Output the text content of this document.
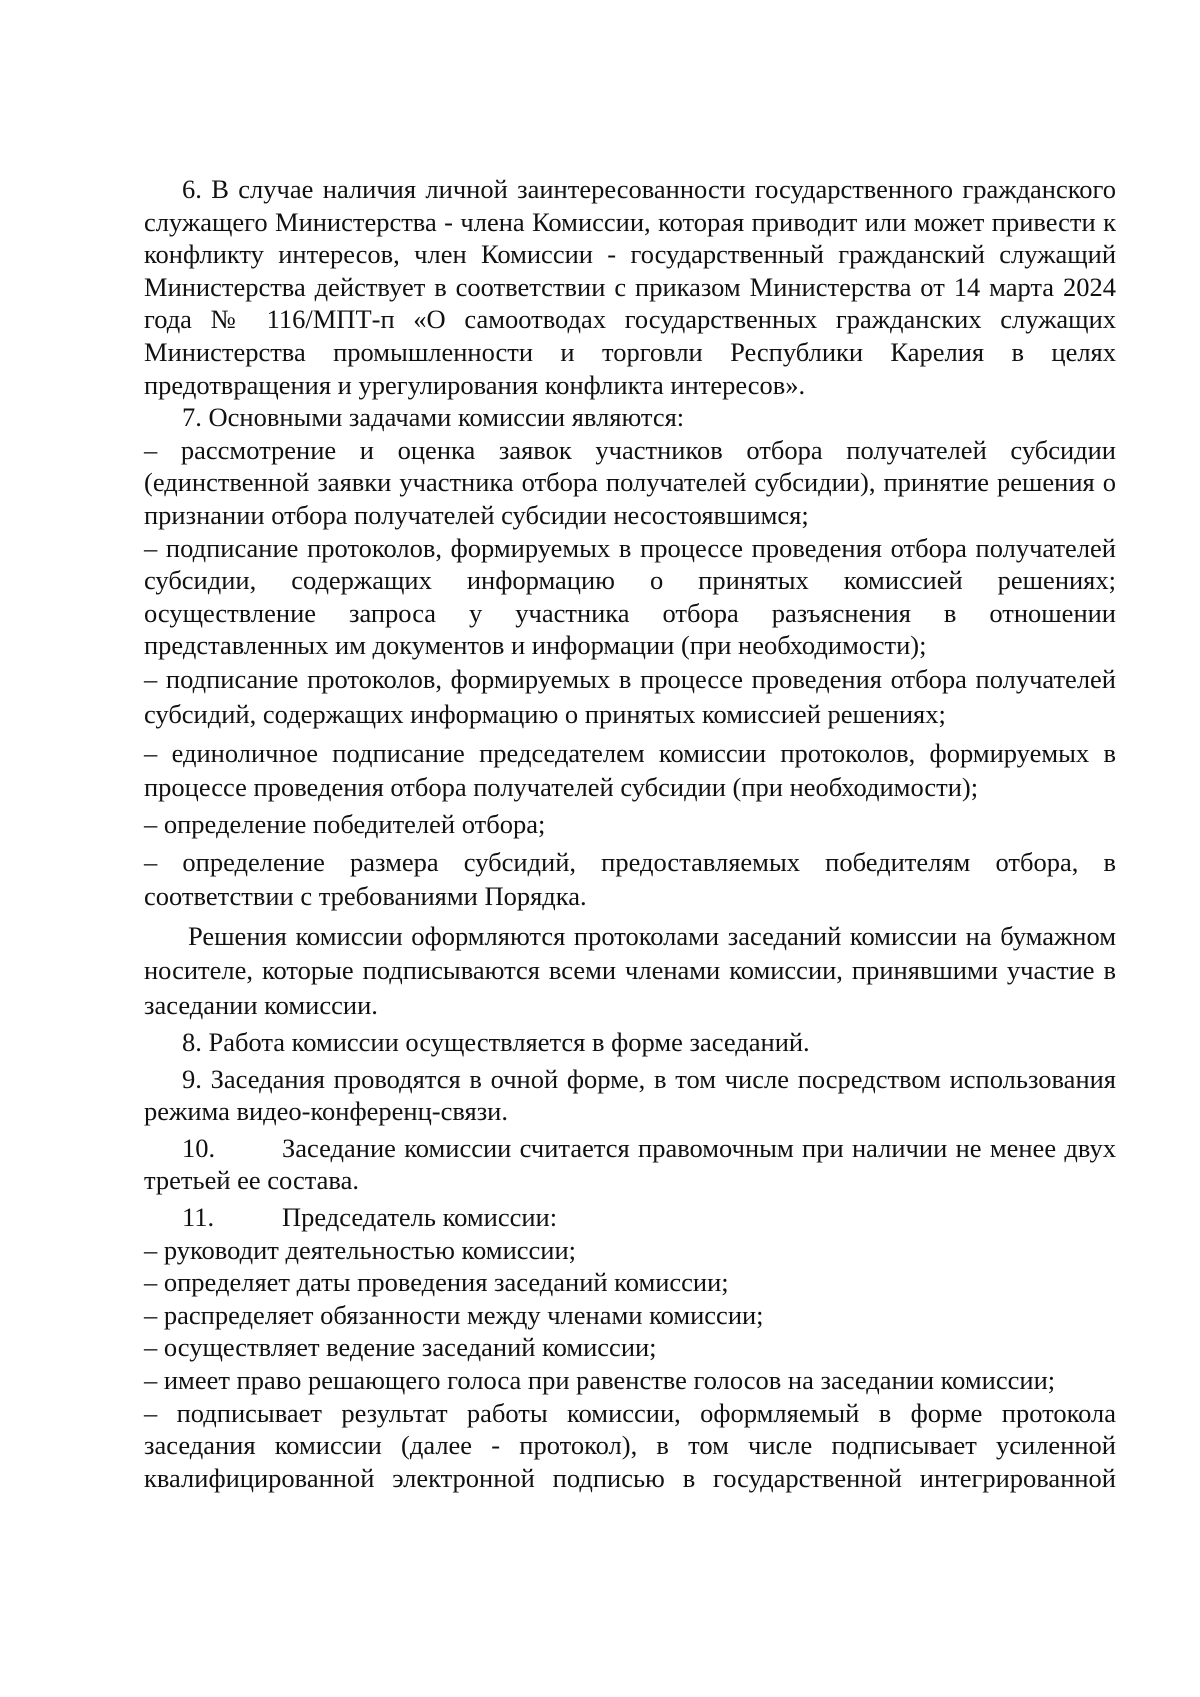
6. В случае наличия личной заинтересованности государственного гражданского служащего Министерства - члена Комиссии, которая приводит или может привести к конфликту интересов, член Комиссии - государственный гражданский служащий Министерства действует в соответствии с приказом Министерства от 14 марта 2024 года № 116/МПТ-п «О самоотводах государственных гражданских служащих Министерства промышленности и торговли Республики Карелия в целях предотвращения и урегулирования конфликта интересов».

7. Основными задачами комиссии являются:

– рассмотрение и оценка заявок участников отбора получателей субсидии (единственной заявки участника отбора получателей субсидии), принятие решения о признании отбора получателей субсидии несостоявшимся;

– подписание протоколов, формируемых в процессе проведения отбора получателей субсидии, содержащих информацию о принятых комиссией решениях; осуществление запроса у участника отбора разъяснения в отношении представленных им документов и информации (при необходимости);

– подписание протоколов, формируемых в процессе проведения отбора получателей субсидий, содержащих информацию о принятых комиссией решениях;

– единоличное подписание председателем комиссии протоколов, формируемых в процессе проведения отбора получателей субсидии (при необходимости);

– определение победителей отбора;

– определение размера субсидий, предоставляемых победителям отбора, в соответствии с требованиями Порядка.

Решения комиссии оформляются протоколами заседаний комиссии на бумажном носителе, которые подписываются всеми членами комиссии, принявшими участие в заседании комиссии.

8. Работа комиссии осуществляется в форме заседаний.

9. Заседания проводятся в очной форме, в том числе посредством использования режима видео-конференц-связи.

10.	Заседание комиссии считается правомочным при наличии не менее двух третьей ее состава.

11.	Председатель комиссии:

– руководит деятельностью комиссии;

– определяет даты проведения заседаний комиссии;

– распределяет обязанности между членами комиссии;

– осуществляет ведение заседаний комиссии;

– имеет право решающего голоса при равенстве голосов на заседании комиссии;

– подписывает результат работы комиссии, оформляемый в форме протокола заседания комиссии (далее - протокол), в том числе подписывает усиленной квалифицированной электронной подписью в государственной интегрированной
